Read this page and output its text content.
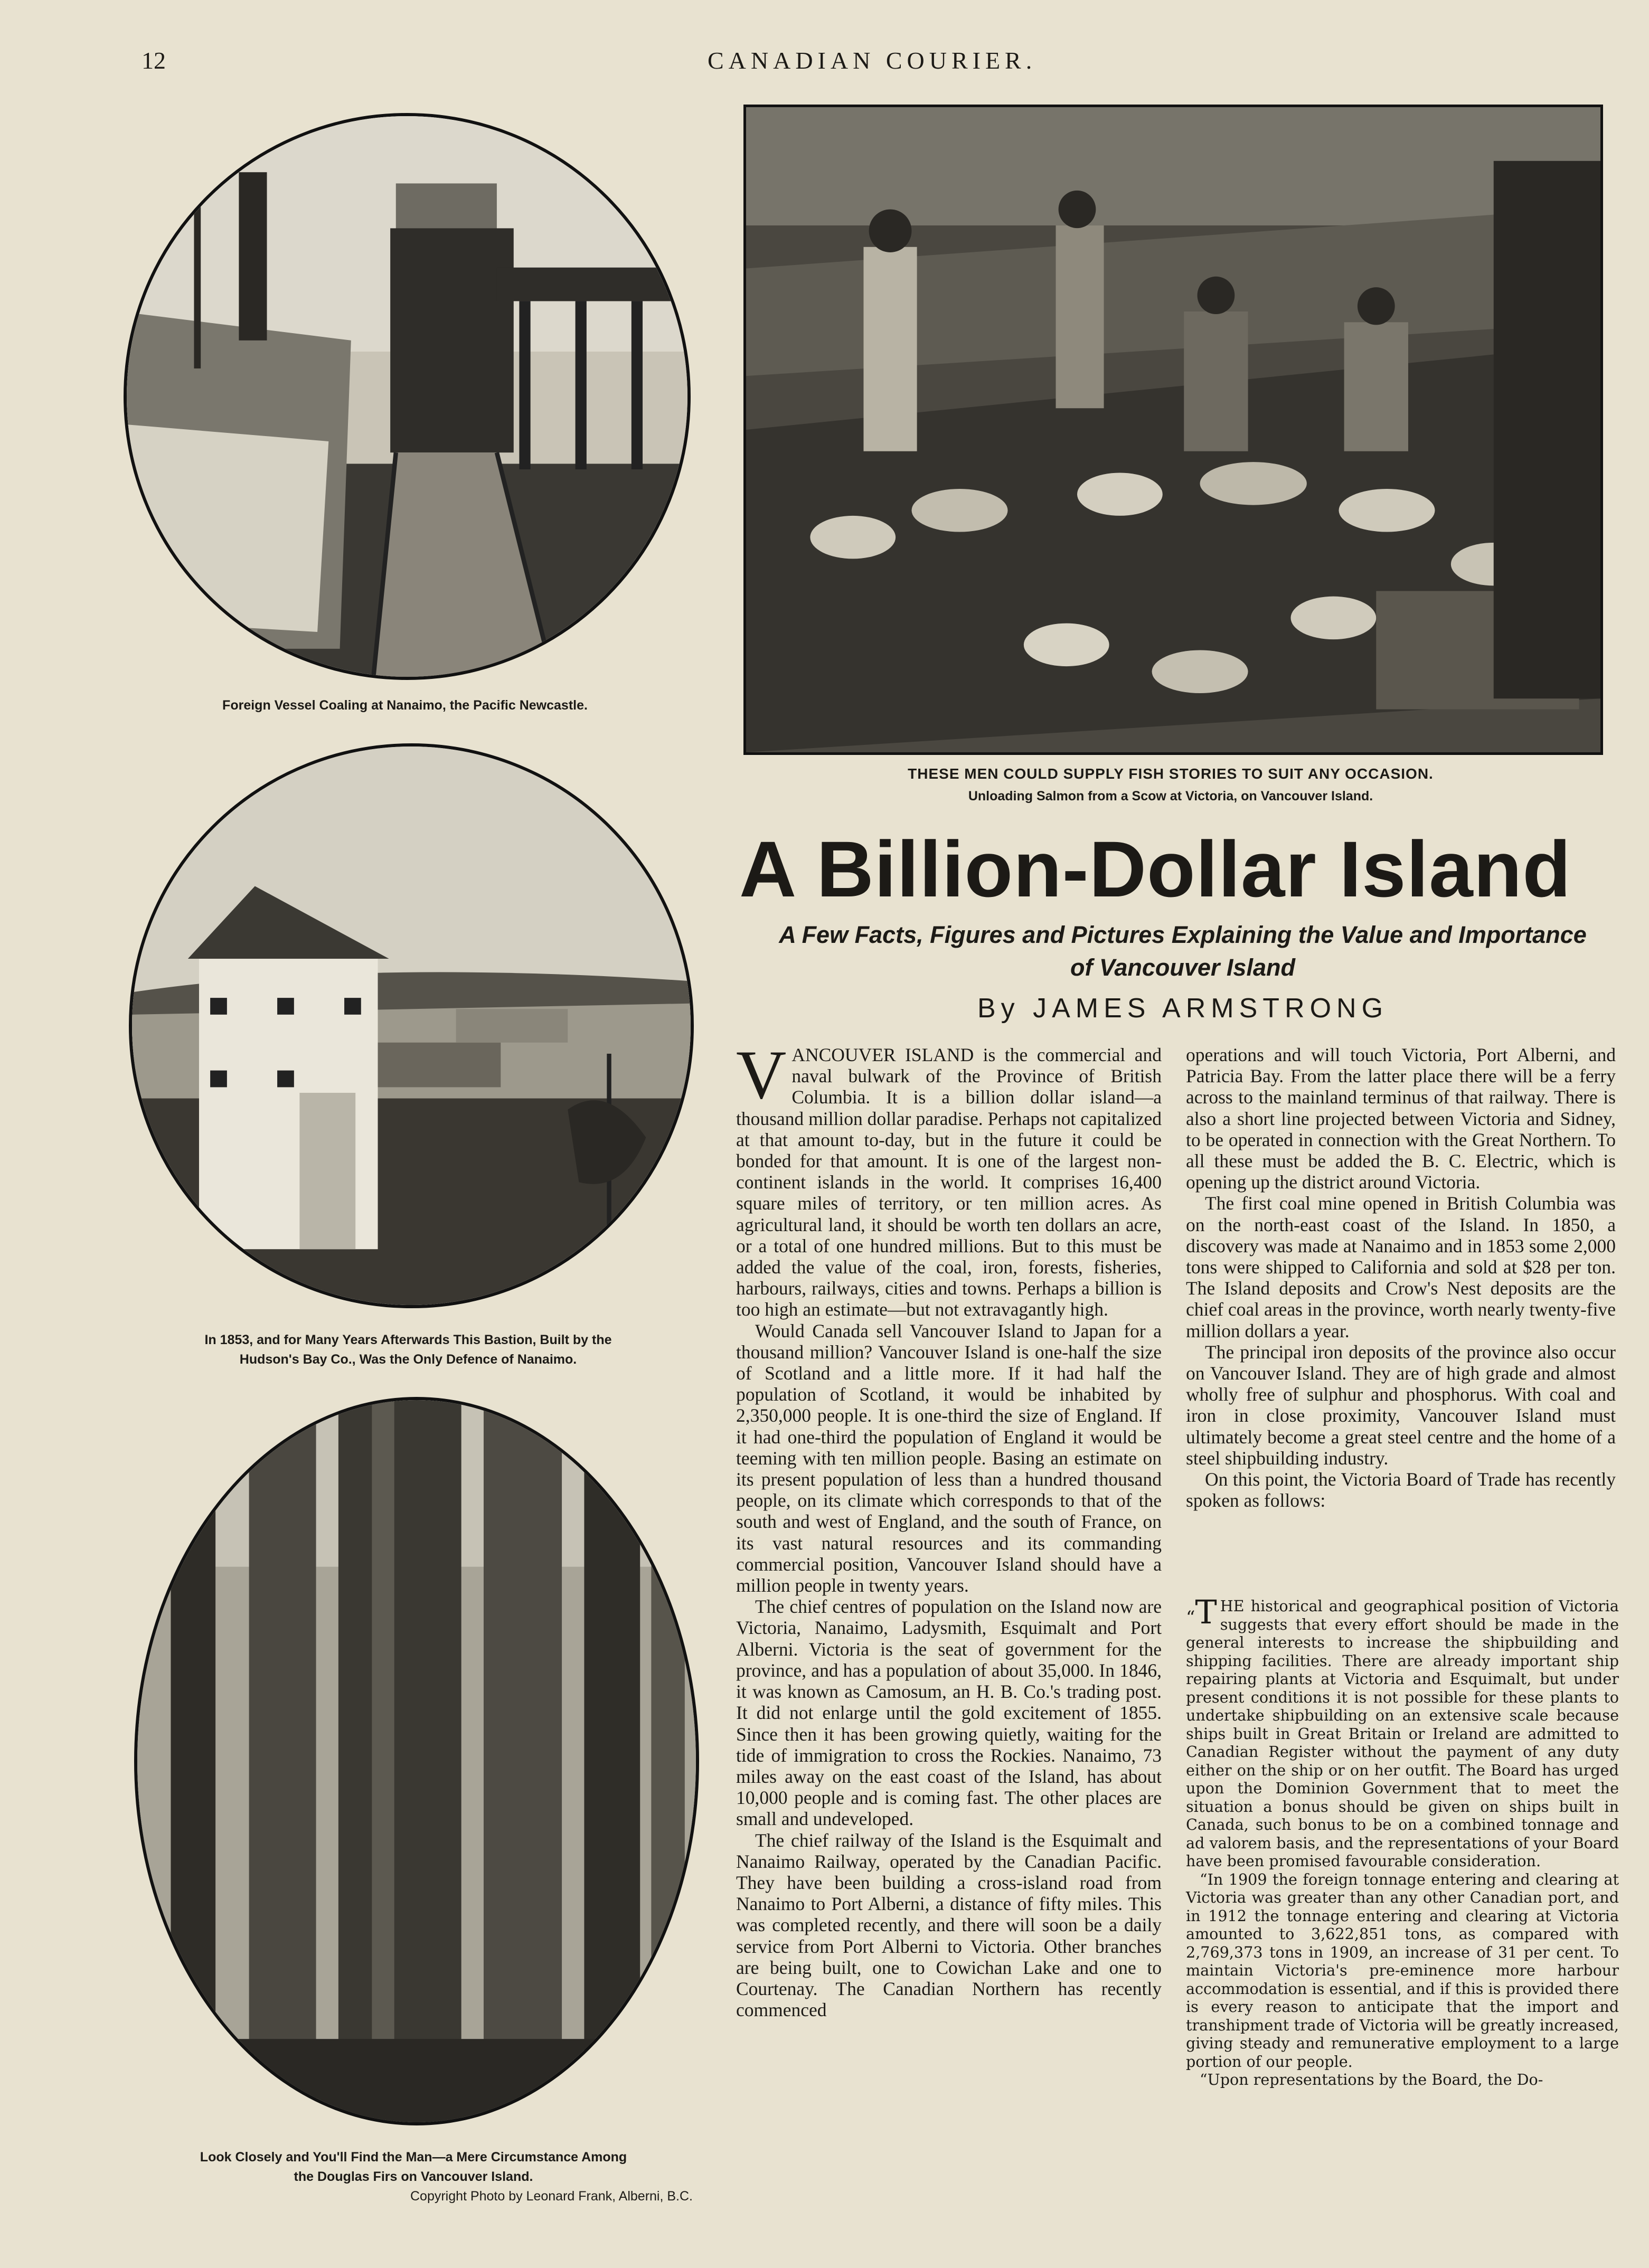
12	CANADIAN COURIER.
Foreign Vessel Coaling at Nanaimo, the Pacific Newcastle.
THESE MEN COULD SUPPLY FISH STORIES TO SUIT ANY OCCASION.
Unloading Salmon from a Scow at Victoria, on Vancouver Island.
In 1853, and for Many Years Afterwards This Bastion, Built by the
Hudson's Bay Co., Was the Only Defence of Nanaimo.
Look Closely and You'll Find the Man—a Mere Circumstance Among
the Douglas Firs on Vancouver Island.
Copyright Photo by Leonard Frank, Alberni, B.C.
A Billion-Dollar Island
A Few Facts, Figures and Pictures Explaining the Value and Importance
of Vancouver Island
By JAMES ARMSTRONG

VANCOUVER ISLAND is the commercial and naval bulwark of the Province of British Columbia. It is a billion dollar island—a thousand million dollar paradise. Perhaps not capitalized at that amount to-day, but in the future it could be bonded for that amount. It is one of the largest non-continent islands in the world. It comprises 16,400 square miles of territory, or ten million acres. As agricultural land, it should be worth ten dollars an acre, or a total of one hundred millions. But to this must be added the value of the coal, iron, forests, fisheries, harbours, railways, cities and towns. Perhaps a billion is too high an estimate—but not extravagantly high.

Would Canada sell Vancouver Island to Japan for a thousand million? Vancouver Island is one-half the size of Scotland and a little more. If it had half the population of Scotland, it would be inhabited by 2,350,000 people. It is one-third the size of England. If it had one-third the population of England it would be teeming with ten million people. Basing an estimate on its present population of less than a hundred thousand people, on its climate which corresponds to that of the south and west of England, and the south of France, on its vast natural resources and its commanding commercial position, Vancouver Island should have a million people in twenty years.

The chief centres of population on the Island now are Victoria, Nanaimo, Ladysmith, Esquimalt and Port Alberni. Victoria is the seat of government for the province, and has a population of about 35,000. In 1846, it was known as Camosum, an H. B. Co.'s trading post. It did not enlarge until the gold excitement of 1855. Since then it has been growing quietly, waiting for the tide of immigration to cross the Rockies. Nanaimo, 73 miles away on the east coast of the Island, has about 10,000 people and is coming fast. The other places are small and undeveloped.

The chief railway of the Island is the Esquimalt and Nanaimo Railway, operated by the Canadian Pacific. They have been building a cross-island road from Nanaimo to Port Alberni, a distance of fifty miles. This was completed recently, and there will soon be a daily service from Port Alberni to Victoria. Other branches are being built, one to Cowichan Lake and one to Courtenay. The Canadian Northern has recently commenced

operations and will touch Victoria, Port Alberni, and Patricia Bay. From the latter place there will be a ferry across to the mainland terminus of that railway. There is also a short line projected between Victoria and Sidney, to be operated in connection with the Great Northern. To all these must be added the B. C. Electric, which is opening up the district around Victoria.

The first coal mine opened in British Columbia was on the north-east coast of the Island. In 1850, a discovery was made at Nanaimo and in 1853 some 2,000 tons were shipped to California and sold at $28 per ton. The Island deposits and Crow's Nest deposits are the chief coal areas in the province, worth nearly twenty-five million dollars a year.

The principal iron deposits of the province also occur on Vancouver Island. They are of high grade and almost wholly free of sulphur and phosphorus. With coal and iron in close proximity, Vancouver Island must ultimately become a great steel centre and the home of a steel shipbuilding industry.

On this point, the Victoria Board of Trade has recently spoken as follows:

“T HE historical and geographical position of Victoria suggests that every effort should be made in the general interests to increase the shipbuilding and shipping facilities. There are already important ship repairing plants at Victoria and Esquimalt, but under present conditions it is not possible for these plants to undertake shipbuilding on an extensive scale because ships built in Great Britain or Ireland are admitted to Canadian Register without the payment of any duty either on the ship or on her outfit. The Board has urged upon the Dominion Government that to meet the situation a bonus should be given on ships built in Canada, such bonus to be on a combined tonnage and ad valorem basis, and the representations of your Board have been promised favourable consideration.

“In 1909 the foreign tonnage entering and clearing at Victoria was greater than any other Canadian port, and in 1912 the tonnage entering and clearing at Victoria amounted to 3,622,851 tons, as compared with 2,769,373 tons in 1909, an increase of 31 per cent. To maintain Victoria's pre-eminence more harbour accommodation is essential, and if this is provided there is every reason to anticipate that the import and transhipment trade of Victoria will be greatly increased, giving steady and remunerative employment to a large portion of our people.

“Upon representations by the Board, the Do-
